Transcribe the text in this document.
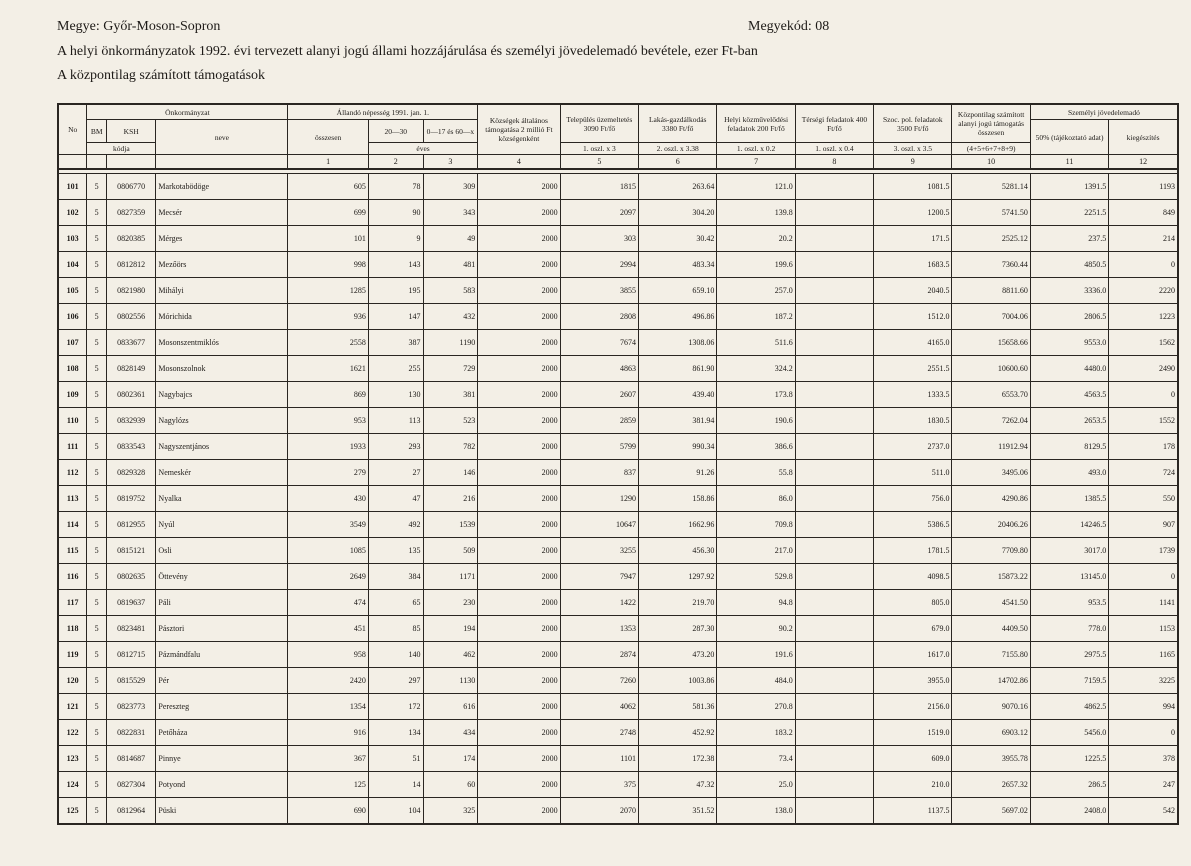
Megye: Győr-Moson-Sopron	Megyekód: 08
A helyi önkormányzatok 1992. évi tervezett alanyi jogú állami hozzájárulása és személyi jövedelemadó bevétele, ezer Ft-ban
A központilag számított támogatások
No	Önkormányzat			Állandó népesség 1991. jan. 1.			Községek általános támogatása 2 millió Ft községenként	Település üzemeltetés 3090 Ft/fő	Lakás-gazdálkodás 3380 Ft/fő	Helyi közművelődési feladatok 200 Ft/fő	Térségi feladatok 400 Ft/fő	Szoc. pol. feladatok 3500 Ft/fő	Központilag számított alanyi jogú támogatás összesen	Személyi jövedelemadó	
	BM	KSH	neve	összesen	20—30	0—17 és 60—x								50% (tájékoztató adat)	kiegészítés
	kódja				éves			1. oszl. x 3	2. oszl. x 3.38	1. oszl. x 0.2	1. oszl. x 0.4	3. oszl. x 3.5	(4+5+6+7+8+9)		
				1	2	3	4	5	6	7	8	9	10	11	12

101	5	0806770	Markotabödöge	605	78	309	2000	1815	263.64	121.0		1081.5	5281.14	1391.5	1193
102	5	0827359	Mecsér	699	90	343	2000	2097	304.20	139.8		1200.5	5741.50	2251.5	849
103	5	0820385	Mérges	101	9	49	2000	303	30.42	20.2		171.5	2525.12	237.5	214
104	5	0812812	Mezőörs	998	143	481	2000	2994	483.34	199.6		1683.5	7360.44	4850.5	0
105	5	0821980	Mihályi	1285	195	583	2000	3855	659.10	257.0		2040.5	8811.60	3336.0	2220
106	5	0802556	Mórichida	936	147	432	2000	2808	496.86	187.2		1512.0	7004.06	2806.5	1223
107	5	0833677	Mosonszentmiklós	2558	387	1190	2000	7674	1308.06	511.6		4165.0	15658.66	9553.0	1562
108	5	0828149	Mosonszolnok	1621	255	729	2000	4863	861.90	324.2		2551.5	10600.60	4480.0	2490
109	5	0802361	Nagybajcs	869	130	381	2000	2607	439.40	173.8		1333.5	6553.70	4563.5	0
110	5	0832939	Nagylózs	953	113	523	2000	2859	381.94	190.6		1830.5	7262.04	2653.5	1552
111	5	0833543	Nagyszentjános	1933	293	782	2000	5799	990.34	386.6		2737.0	11912.94	8129.5	178
112	5	0829328	Nemeskér	279	27	146	2000	837	91.26	55.8		511.0	3495.06	493.0	724
113	5	0819752	Nyalka	430	47	216	2000	1290	158.86	86.0		756.0	4290.86	1385.5	550
114	5	0812955	Nyúl	3549	492	1539	2000	10647	1662.96	709.8		5386.5	20406.26	14246.5	907
115	5	0815121	Osli	1085	135	509	2000	3255	456.30	217.0		1781.5	7709.80	3017.0	1739
116	5	0802635	Öttevény	2649	384	1171	2000	7947	1297.92	529.8		4098.5	15873.22	13145.0	0
117	5	0819637	Páli	474	65	230	2000	1422	219.70	94.8		805.0	4541.50	953.5	1141
118	5	0823481	Pásztori	451	85	194	2000	1353	287.30	90.2		679.0	4409.50	778.0	1153
119	5	0812715	Pázmándfalu	958	140	462	2000	2874	473.20	191.6		1617.0	7155.80	2975.5	1165
120	5	0815529	Pér	2420	297	1130	2000	7260	1003.86	484.0		3955.0	14702.86	7159.5	3225
121	5	0823773	Pereszteg	1354	172	616	2000	4062	581.36	270.8		2156.0	9070.16	4862.5	994
122	5	0822831	Petőháza	916	134	434	2000	2748	452.92	183.2		1519.0	6903.12	5456.0	0
123	5	0814687	Pinnye	367	51	174	2000	1101	172.38	73.4		609.0	3955.78	1225.5	378
124	5	0827304	Potyond	125	14	60	2000	375	47.32	25.0		210.0	2657.32	286.5	247
125	5	0812964	Püski	690	104	325	2000	2070	351.52	138.0		1137.5	5697.02	2408.0	542
